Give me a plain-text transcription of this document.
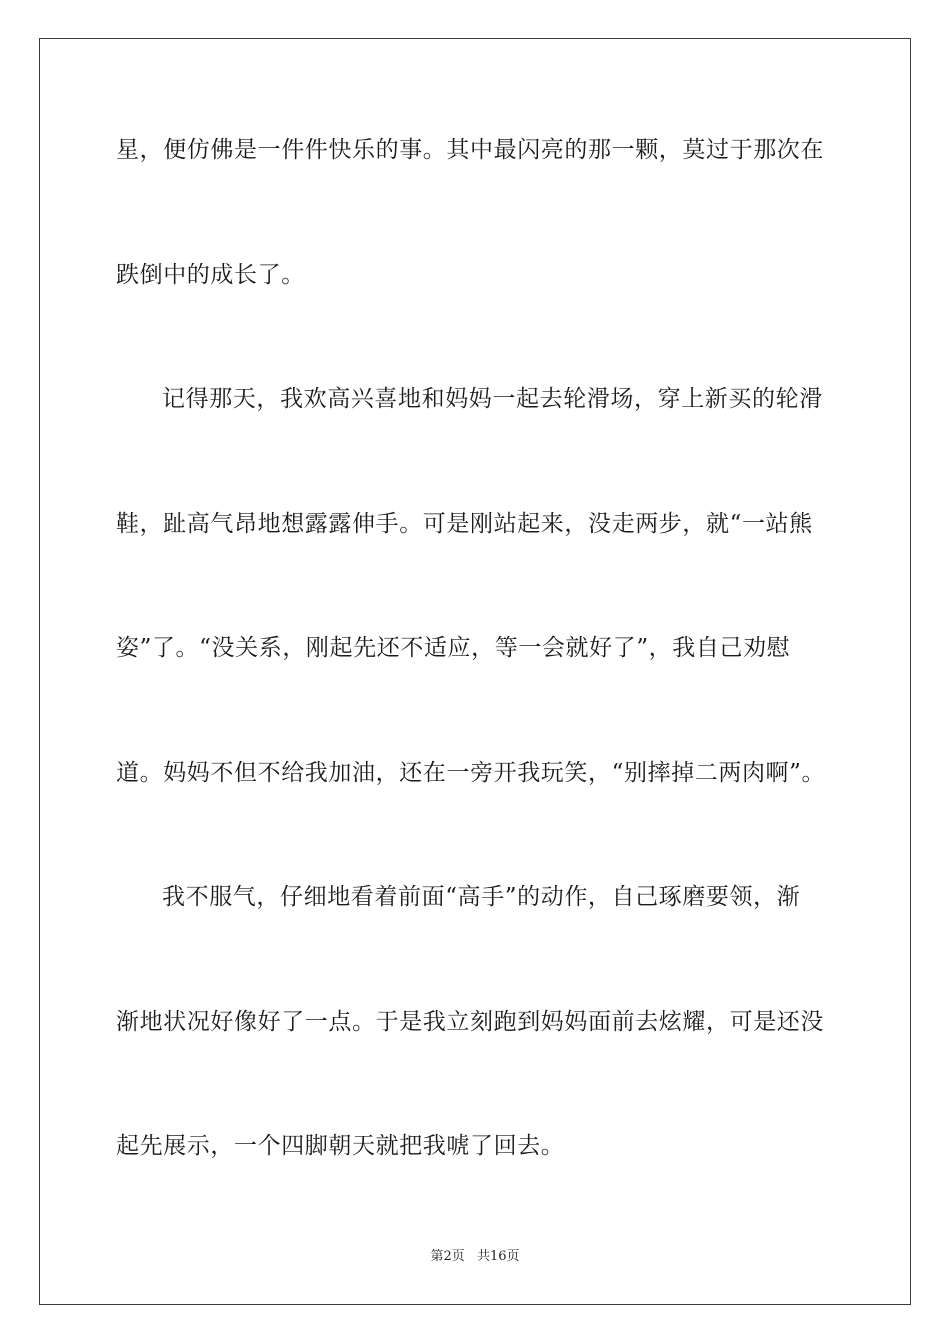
星，便仿佛是一件件快乐的事。其中最闪亮的那一颗，莫过于那次在
跌倒中的成长了。
记得那天，我欢高兴喜地和妈妈一起去轮滑场，穿上新买的轮滑
鞋，趾高气昂地想露露伸手。可是刚站起来，没走两步，就“一站熊
姿”了。“没关系，刚起先还不适应，等一会就好了”，我自己劝慰
道。妈妈不但不给我加油，还在一旁开我玩笑，“别摔掉二两肉啊”。
我不服气，仔细地看着前面“高手”的动作，自己琢磨要领，渐
渐地状况好像好了一点。于是我立刻跑到妈妈面前去炫耀，可是还没
起先展示，一个四脚朝天就把我唬了回去。
第2页 共16页
